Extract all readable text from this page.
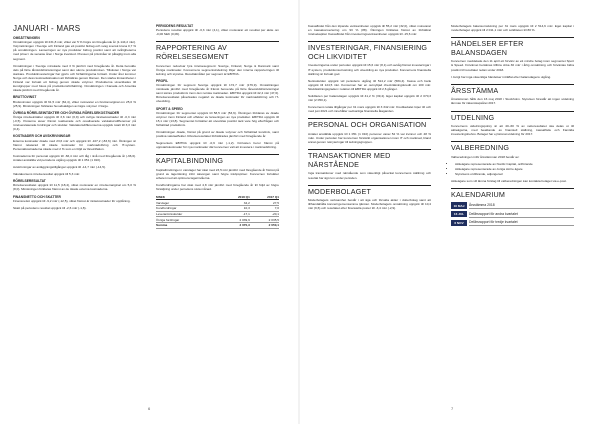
JANUARI - MARS
OMSÄTTNINGEN

Omsättningen uppgick till 231,8 mkr, vilket var 5 % högre än föregående år (1.144,2 mkr). Volymökningen i Sverige och Finland gav ett positivt bidrag och svag svensk krona 0,7 % på omsättningen. Lanseringen av nya produkter bidrog positivt samt att svårigheterna med priser i de senaste åren i Norge kvarstod. Pressen på prisnivåer är påtaglig inom alla segment.

Omsättningen i Sverige minskade med 3 % jämfört med föregående år. Detta berodde dels på färre lånstödshänvisningar samt den sämre produktmixen. Tillväxten i Norge var starkare. Produktinvesteringar har gjorts och förbättringarna fortsatt. Under året kommer Norge och dess kostnadssituation att förbättras genom Ramen. Den starka lönsamheten i Finland var fortsatt ett bidrag genom ökade volymer. Produkterna utvecklades till kundgrupper med fokus på produktionsförbättring. Omsättningen i Kanada och Amerika ökade jämfört med föregående år.

BRUTTOVINST

Bruttovinsten uppgick till 61,5 mkr (62,4), vilket motsvarar en bruttomarginal om 25,0 % (25,9). Minskningen förklaras huvudsakligen av lägre volymer i Norge.

ÖVRIGA RÖRELSEINTÄKTER OCH ÖVRIGA RÖRELSEKOSTNADER

Övriga rörelseintäkter uppgick till 3,6 mkr (0,9) och övriga rörelsekostnader till -0,3 mkr (-0,5). Posterna avser främst realiserade och orealiserade valutakursdifferenser på rörelserelaterade fordringar och skulder. Valutakursdifferenserna uppgick totalt till 3,3 mkr (0,4).

KOSTNADER OCH AVSKRIVNINGAR

Externa kostnader ökade med 23,6 mkr och uppgick till -107,2 (-83,6) mkr. Ökningen är främst relaterad till ökade kostnader för marknadsföring och IT-system. Personalkostnaderna ökade med 2 % som en följd av löneinflation.

Kostnaderna för personal uppgick till -66,4 mkr och låg i nivå med föregående år (-66,6). Antalet anställda vid periodens utgång uppgick till 1 051 (1 010).

Avskrivningar av anläggningstillgångar uppgick till -14,7 mkr (-14,5).

Valutakursens rörelseresultat uppgick till 5,3 mkr.

RÖRELSERESULTAT

Rörelseresultatet uppgick till 11,5 (18,4), vilket motsvarar en rörelsemarginal om 5,0 % (8,0). Minskningen förklaras främst av de ökade externa kostnaderna.

FINANSNETTO OCH SKATTER

Finansnettot uppgick till -9,2 mkr (-12,5), vilket främst är räntekostnader för upplåning.

Skatt på periodens resultat uppgick till -2,6 mkr (-1,8).

PERIODENS RESULTAT

Periodens resultat uppgick till -0,3 mkr (4,1), vilket motsvarar ett resultat per aktie om -0,00 SEK (0,06).

RAPPORTERING AV RÖRELSESEGMENT

Koncernen redovisar fyra rörelsesegment: Sverige, Finland, Norge & Danmark samt Övriga marknader. Koncernens segmentsindelning följer den interna rapporteringen till ledning och styrelse. Resultatmåttet per segment är EBITDA.

PROFIL

Omsättningen för segment Sverige uppgick till 172,7 mkr (179,9). Omsättningen minskade jämfört med föregående år främst beroende på färre lånestödshänvisningar samt sämre produktmix inom den norska marknaden. EBITDA uppgick till 42,4 mkr (47,6). Rörelseresultatet påverkades negativt av ökade kostnader för marknadsföring och IT-utveckling.

SPORT & SPEED

Omsättningen för segmentet uppgick till 58,5 mkr (53,6). Ökningen förklaras av ökade volymer inom Finland och effekter av lanseringen av nya produkter. EBITDA uppgick till 15,1 mkr (13,8). Segmentet fortsätter att utvecklas positivt tack vare hög efterfrågan och förbättrad produktmix.

Omsättningen ökade, främst på grund av ökade volymer och förbättrad kundmix, samt positiva valutaeffekter. Rörelseresultatet förbättrades jämfört med föregående år.

Segmentets EBITDA uppgick till -0,9 mkr (-1,2). Förlusten beror främst på uppstartskostnader för nya marknader där koncernen valt att investera i marknadsföring.

KAPITALBINDNING

Kapitalbindningen i varulager har ökat med 23,5 mkr jämfört med föregående år främst på grund av lagerökning inför säsongen samt högre inköpspriser. Koncernen fortsätter arbetet med att optimera lagernivåerna.

Kundfordringarna har ökat med 4,8 mkr jämfört med föregående år till följd av högre försäljning under periodens sista månad.

MSEK	2018 Q1	2017 Q1
Varulager	34,2	27,5
Kundfordringar	10,3	7,0
Leverantörsskulder	-17,1	-20,1
Övriga fordringar	2 039,9	2 035,5
Summa	2 070,3	2 050,1

Kassaflödet från den löpande verksamheten uppgick till 55,2 mkr (32,0), vilket motsvarar en kassakonvertering om 93 % (88). Ökningen förklaras främst av förbättrat rörelsekapital. Kassaflödet från investeringsverksamheten uppgick till -15,6 mkr.

INVESTERINGAR, FINANSIERING OCH LIKVIDITET

Investeringarna under perioden uppgick till 15,6 mkr (8,1) och avsåg främst investeringar i IT-system, produktionsutrustning och utveckling av nya produkter. Koncernens finansiella ställning är fortsatt god.

Nettoskulden uppgick vid periodens utgång till 514,2 mkr (584,4). Kassa och bank uppgick till 124,5 mkr. Koncernen har en outnyttjad checkräkningskredit om 100 mkr. Skuldsättningsgraden i relation till EBITDA uppgick till 2,6 gånger.

Soliditeten per balansdagen uppgick till 41,2 % (39,4). Eget kapital uppgick till 2 070,3 mkr (2 050,1).

Koncernens totala tillgångar per 31 mars uppgick till 3 342 mkr. Kreditavtalet löper till och med juni 2021 och innehåller sedvanliga finansiella åtaganden.

PERSONAL OCH ORGANISATION

Antalet anställda uppgick till 1 051 (1 010) personer varav 52 % var kvinnor och 48 % män. Under perioden har koncernen förstärkt organisationen inom IT och marknad, bland annat genom rekryteringar till ledningsgruppen.

TRANSAKTIONER MED NÄRSTÅENDE

Inga transaktioner med närstående som väsentligt påverkat koncernens ställning och resultat har ägt rum under perioden.

MODERBOLAGET

Moderbolagets verksamhet består i att äga och förvalta aktier i dotterbolag samt att tillhandahålla koncerngemensamma tjänster. Moderbolagets omsättning uppgick till 10,4 mkr (9,6) och resultatet efter finansiella poster till -3,4 mkr (-2,9).

Moderbolagets balansomslutning per 31 mars uppgick till 2 514,6 mkr. Eget kapital i moderbolaget uppgick till 2 011,1 mkr och soliditeten till 80 %.

HÄNDELSER EFTER BALANSDAGEN

Koncernen meddelade den 11 april ett förvärv av ett mindre bolag inom segmentet Sport & Speed. Förvärvet beräknas tillföra cirka 30 mkr i årlig omsättning och förväntas bidra positivt till resultatet redan under 2018.

I övrigt har inga väsentliga händelser inträffat efter balansdagens utgång.

ÅRSSTÄMMA

Årsstämman hålls den 16 maj 2018 i Stockholm. Styrelsen föreslår att ingen utdelning lämnas för räkenskapsåret 2017.

UTDELNING

Koncernens utdelningspolicy är att 40–60 % av nettoresultatet ska delas ut till aktieägarna, med beaktande av finansiell ställning, kassaflöde och framtida investeringsbehov. Bolaget har ej lämnat utdelning för 2017.

VALBEREDNING

Valberedningen inför årsstämman 2018 består av:

• Aktieägare representerade av Nordic Capital, ordförande
• Aktieägare representerade av övriga större ägare
• Styrelsens ordförande, adjungerad

Aktieägare som vill lämna förslag till valberedningen kan kontakta bolaget via e-post.

KALENDARIUM
16 MAJ	Årsstämma 2018
16 JUL	Delårsrapport för andra kvartalet
6 NOV	Delårsrapport för tredje kvartalet
6	7
